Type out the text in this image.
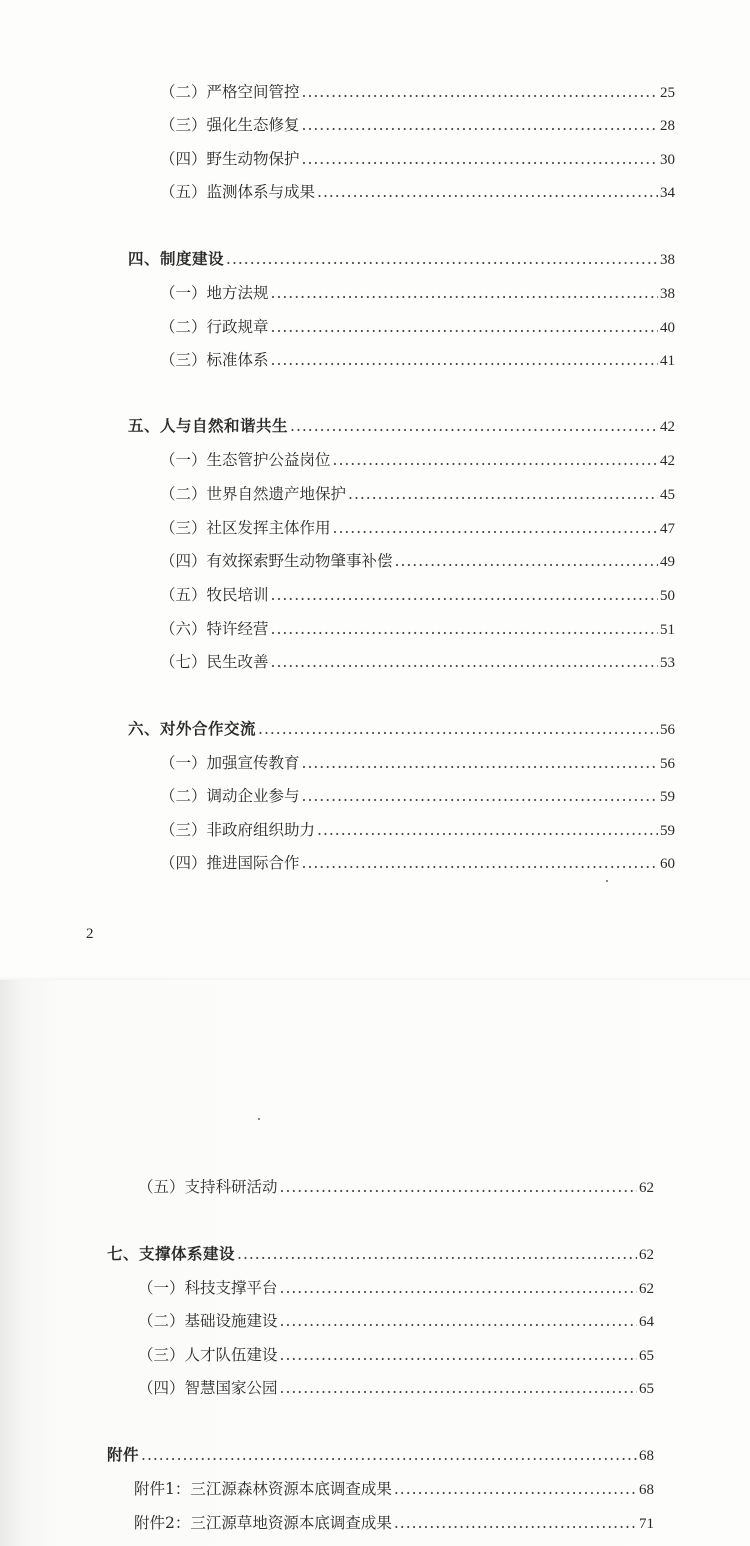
（二）严格空间管控 .....	25
（三）强化生态修复 .....	28
（四）野生动物保护 .....	30
（五）监测体系与成果 .....	34
四、制度建设 .....	38
（一）地方法规 .....	38
（二）行政规章 .....	40
（三）标准体系 .....	41
五、人与自然和谐共生 .....	42
（一）生态管护公益岗位 .....	42
（二）世界自然遗产地保护 .....	45
（三）社区发挥主体作用 .....	47
（四）有效探索野生动物肇事补偿 .....	49
（五）牧民培训 .....	50
（六）特许经营 .....	51
（七）民生改善 .....	53
六、对外合作交流 .....	56
（一）加强宣传教育 .....	56
（二）调动企业参与 .....	59
（三）非政府组织助力 .....	59
（四）推进国际合作 .....	60
2
（五）支持科研活动 .....	62
七、支撑体系建设 .....	62
（一）科技支撑平台 .....	62
（二）基础设施建设 .....	64
（三）人才队伍建设 .....	65
（四）智慧国家公园 .....	65
附件 .....	68
附件1：三江源森林资源本底调查成果 .....	68
附件2：三江源草地资源本底调查成果 .....	71
